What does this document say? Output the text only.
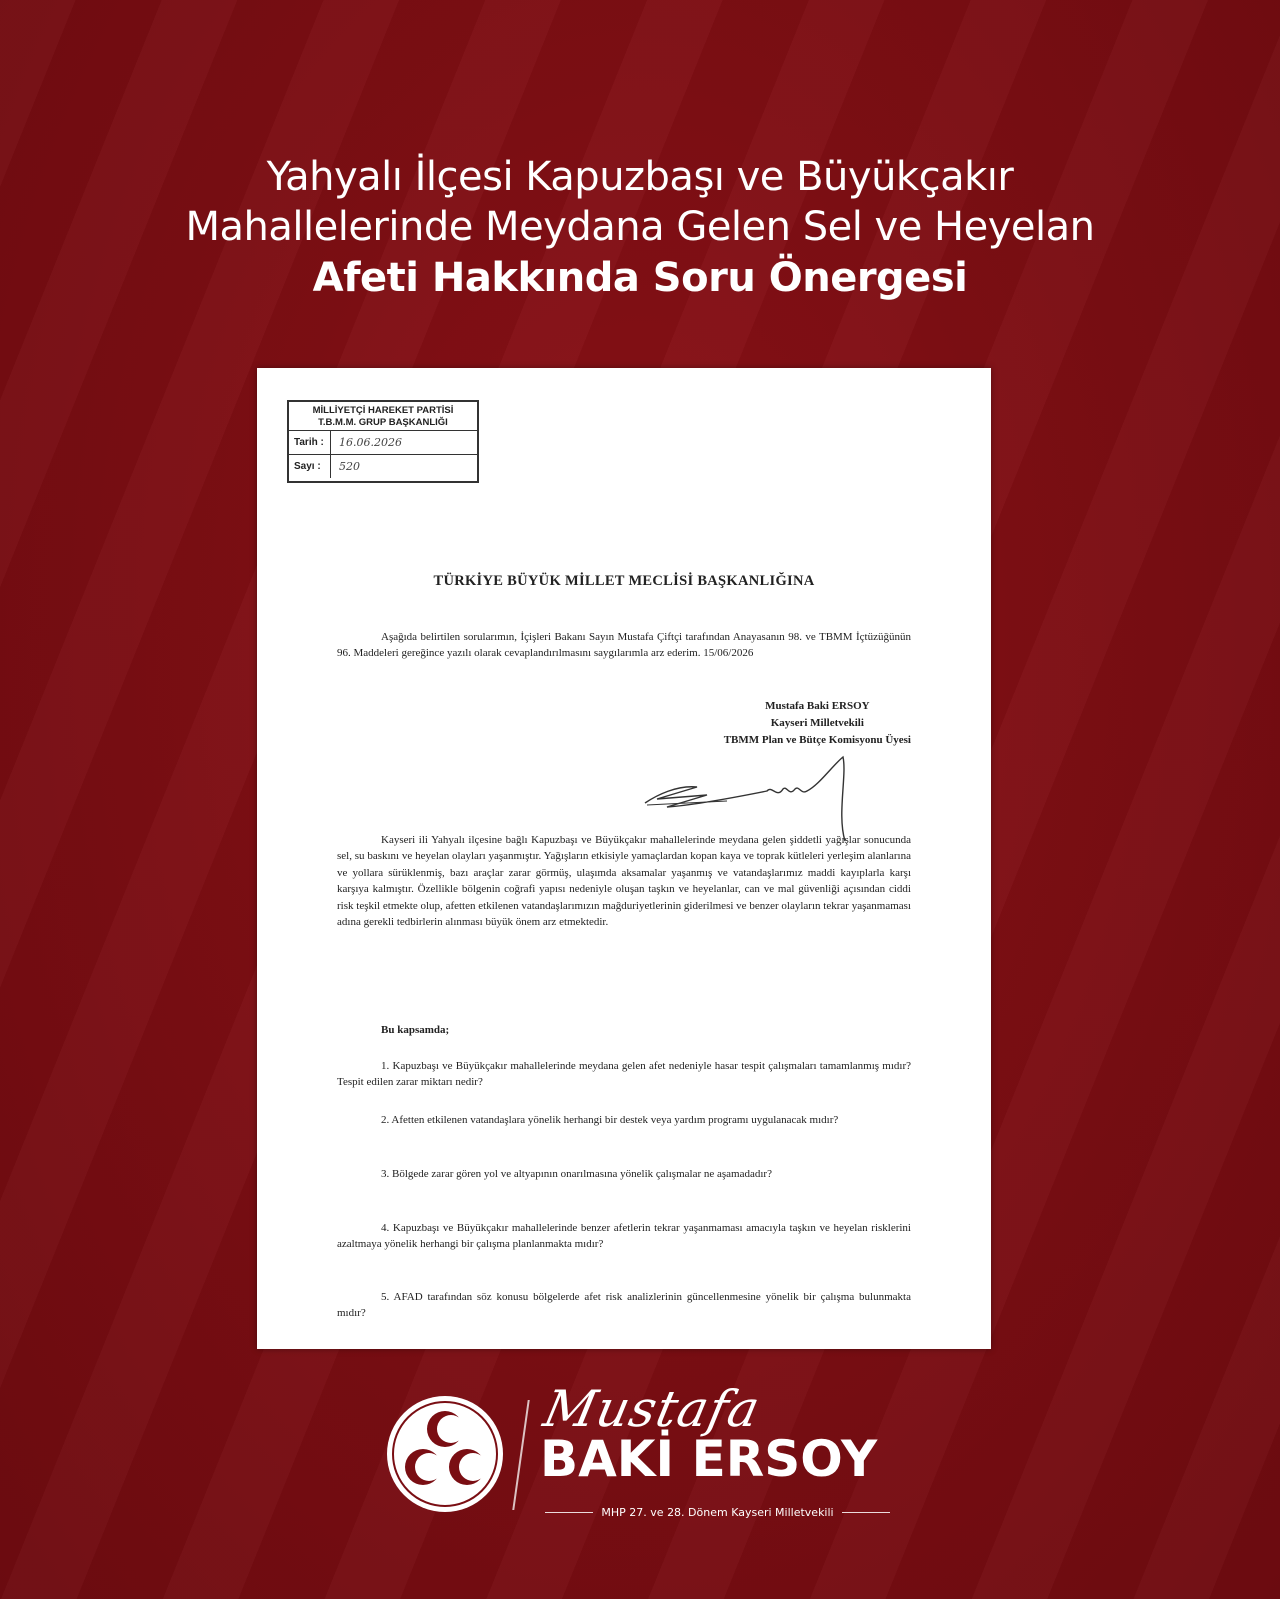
Yahyalı İlçesi Kapuzbaşı ve Büyükçakır
Mahallelerinde Meydana Gelen Sel ve Heyelan
Afeti Hakkında Soru Önergesi
MİLLİYETÇİ HAREKET PARTİSİ
T.B.M.M. GRUP BAŞKANLIĞI
Tarih :	16.06.2026
Sayı :	520
TÜRKİYE BÜYÜK MİLLET MECLİSİ BAŞKANLIĞINA

Aşağıda belirtilen sorularımın, İçişleri Bakanı Sayın Mustafa Çiftçi tarafından Anayasanın 98. ve TBMM İçtüzüğünün 96. Maddeleri gereğince yazılı olarak cevaplandırılmasını saygılarımla arz ederim. 15/06/2026

Mustafa Baki ERSOY
Kayseri Milletvekili
TBMM Plan ve Bütçe Komisyonu Üyesi

Kayseri ili Yahyalı ilçesine bağlı Kapuzbaşı ve Büyükçakır mahallelerinde meydana gelen şiddetli yağışlar sonucunda sel, su baskını ve heyelan olayları yaşanmıştır. Yağışların etkisiyle yamaçlardan kopan kaya ve toprak kütleleri yerleşim alanlarına ve yollara sürüklenmiş, bazı araçlar zarar görmüş, ulaşımda aksamalar yaşanmış ve vatandaşlarımız maddi kayıplarla karşı karşıya kalmıştır. Özellikle bölgenin coğrafi yapısı nedeniyle oluşan taşkın ve heyelanlar, can ve mal güvenliği açısından ciddi risk teşkil etmekte olup, afetten etkilenen vatandaşlarımızın mağduriyetlerinin giderilmesi ve benzer olayların tekrar yaşanmaması adına gerekli tedbirlerin alınması büyük önem arz etmektedir.

Bu kapsamda;

1. Kapuzbaşı ve Büyükçakır mahallelerinde meydana gelen afet nedeniyle hasar tespit çalışmaları tamamlanmış mıdır? Tespit edilen zarar miktarı nedir?

2. Afetten etkilenen vatandaşlara yönelik herhangi bir destek veya yardım programı uygulanacak mıdır?

3. Bölgede zarar gören yol ve altyapının onarılmasına yönelik çalışmalar ne aşamadadır?

4. Kapuzbaşı ve Büyükçakır mahallelerinde benzer afetlerin tekrar yaşanmaması amacıyla taşkın ve heyelan risklerini azaltmaya yönelik herhangi bir çalışma planlanmakta mıdır?

5. AFAD tarafından söz konusu bölgelerde afet risk analizlerinin güncellenmesine yönelik bir çalışma bulunmakta mıdır?

Mustafa
BAKİ ERSOY
MHP 27. ve 28. Dönem Kayseri Milletvekili
